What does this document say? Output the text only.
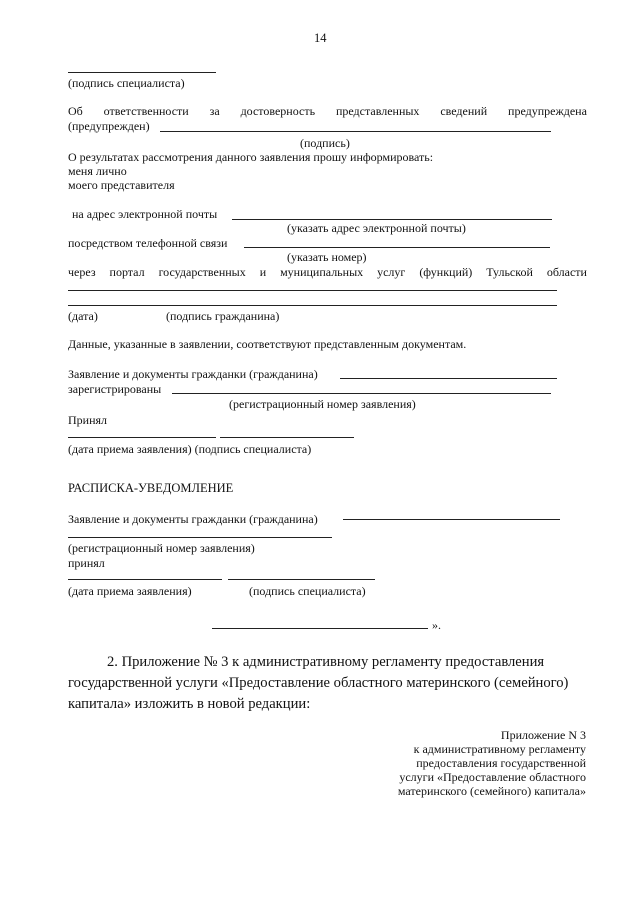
14
(подпись специалиста)
Об ответственности за достоверность представленных сведений предупреждена
(предупрежден)
(подпись)
О результатах рассмотрения данного заявления прошу информировать:
меня лично
моего представителя
на адрес электронной почты
(указать адрес электронной почты)
посредством телефонной связи
(указать номер)
через портал государственных и муниципальных услуг (функций) Тульской области
(дата)	(подпись гражданина)
Данные, указанные в заявлении, соответствуют представленным документам.
Заявление и документы гражданки (гражданина)
зарегистрированы
(регистрационный номер заявления)
Принял
(дата приема заявления) (подпись специалиста)
РАСПИСКА-УВЕДОМЛЕНИЕ
Заявление и документы гражданки (гражданина)
(регистрационный номер заявления)
принял
(дата приема заявления)	(подпись специалиста)
».
2. Приложение № 3 к административному регламенту предоставления
государственной услуги «Предоставление областного материнского (семейного)
капитала» изложить в новой редакции:
Приложение N 3
к административному регламенту
предоставления государственной
услуги «Предоставление областного
материнского (семейного) капитала»
